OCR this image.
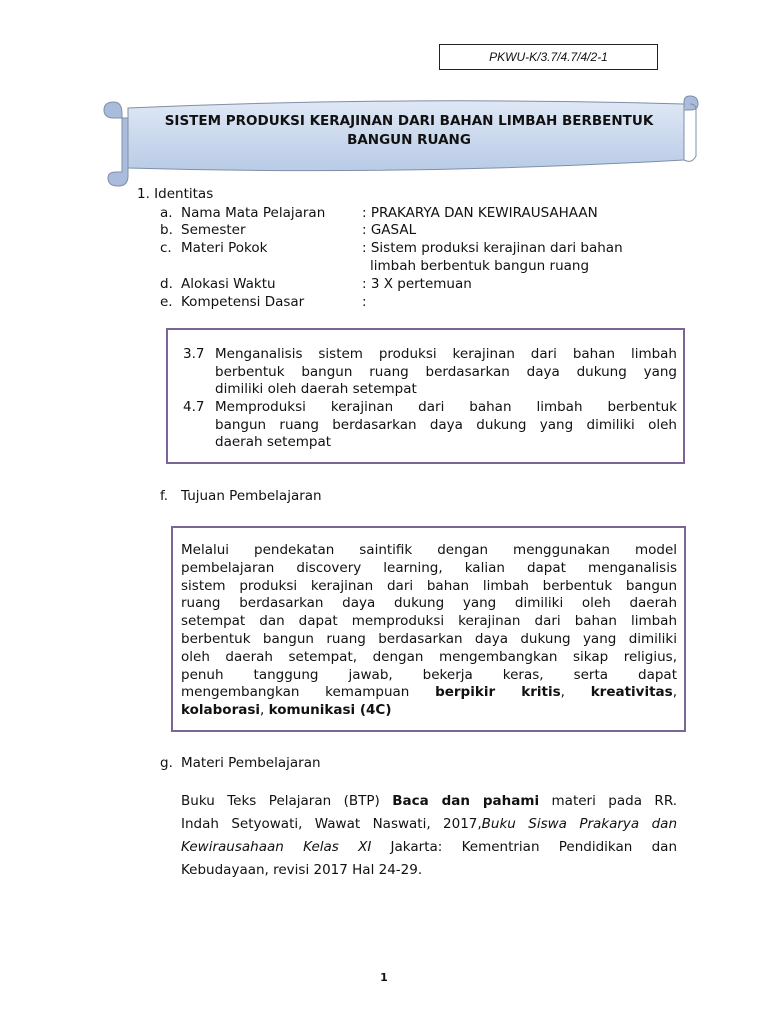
PKWU-K/3.7/4.7/4/2-1
SISTEM PRODUKSI KERAJINAN DARI BAHAN LIMBAH BERBENTUK
BANGUN RUANG
1. Identitas
a. Nama Mata Pelajaran	: PRAKARYA DAN KEWIRAUSAHAAN
b. Semester	: GASAL
c. Materi Pokok	: Sistem produksi kerajinan dari bahan
limbah berbentuk bangun ruang
d. Alokasi Waktu	: 3 X pertemuan
e. Kompetensi Dasar	:
3.7 Menganalisis sistem produksi kerajinan dari bahan limbah
berbentuk bangun ruang berdasarkan daya dukung yang
dimiliki oleh daerah setempat
4.7 Memproduksi kerajinan dari bahan limbah berbentuk
bangun ruang berdasarkan daya dukung yang dimiliki oleh
daerah setempat
f. Tujuan Pembelajaran
Melalui pendekatan saintifik dengan menggunakan model
pembelajaran discovery learning, kalian dapat menganalisis
sistem produksi kerajinan dari bahan limbah berbentuk bangun
ruang berdasarkan daya dukung yang dimiliki oleh daerah
setempat dan dapat memproduksi kerajinan dari bahan limbah
berbentuk bangun ruang berdasarkan daya dukung yang dimiliki
oleh daerah setempat, dengan mengembangkan sikap religius,
penuh tanggung jawab, bekerja keras, serta dapat
mengembangkan kemampuan berpikir kritis, kreativitas,
kolaborasi, komunikasi (4C)
g. Materi Pembelajaran
Buku Teks Pelajaran (BTP) Baca dan pahami materi pada RR.
Indah Setyowati, Wawat Naswati, 2017,Buku Siswa Prakarya dan
Kewirausahaan Kelas XI Jakarta: Kementrian Pendidikan dan
Kebudayaan, revisi 2017 Hal 24-29.
1
